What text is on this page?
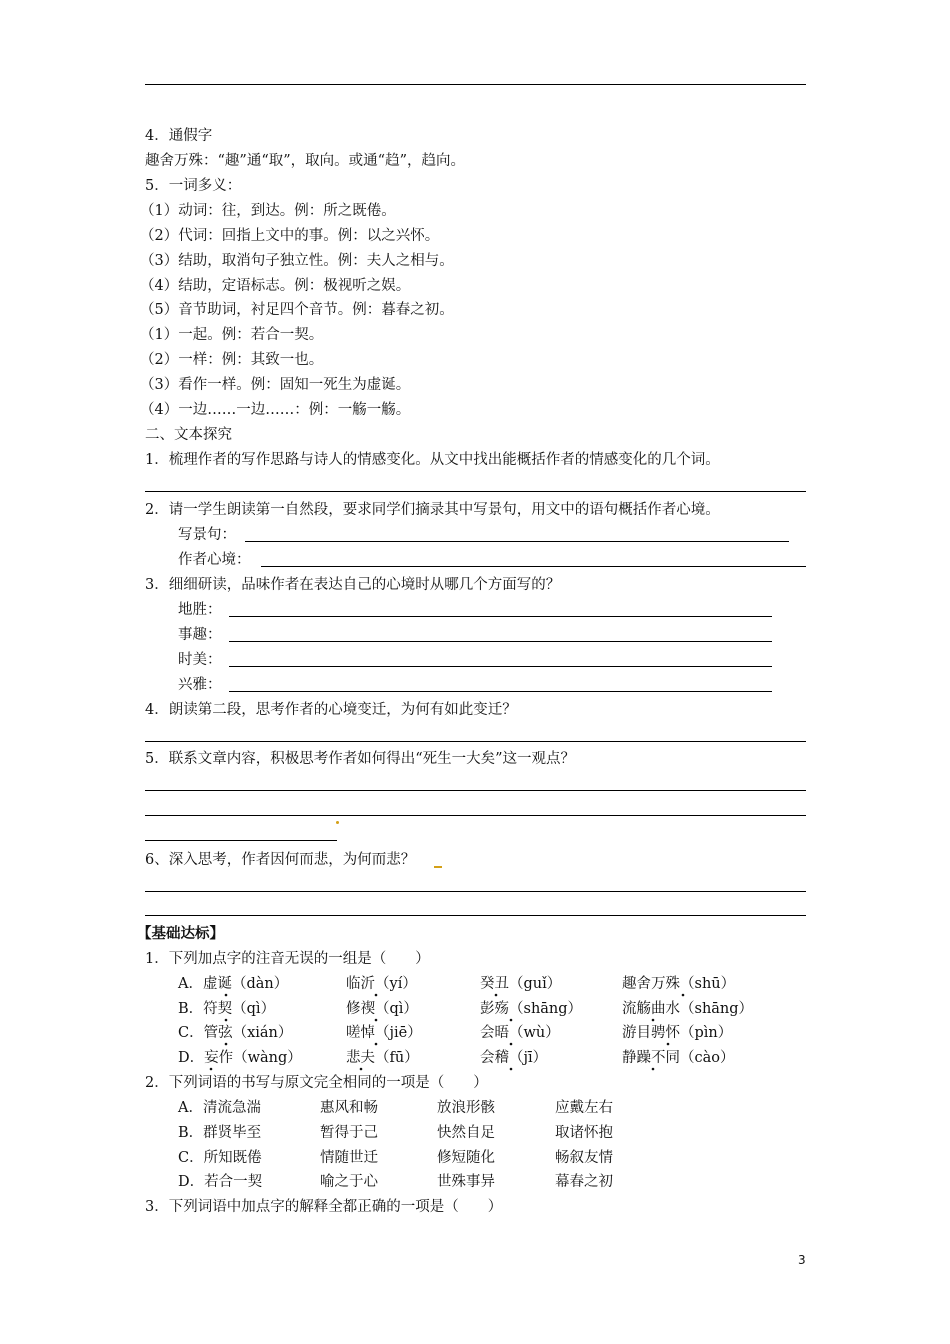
4．通假字
趣舍万殊：“趣”通“取”，取向。或通“趋”，趋向。
5．一词多义：
（1）动词：往，到达。例：所之既倦。
（2）代词：回指上文中的事。例：以之兴怀。
（3）结助，取消句子独立性。例：夫人之相与。
（4）结助，定语标志。例：极视听之娱。
（5）音节助词，衬足四个音节。例：暮春之初。
（1）一起。例：若合一契。
（2）一样：例：其致一也。
（3）看作一样。例：固知一死生为虚诞。
（4）一边……一边……：例：一觞一觞。
二、文本探究
1．梳理作者的写作思路与诗人的情感变化。从文中找出能概括作者的情感变化的几个词。
2．请一学生朗读第一自然段，要求同学们摘录其中写景句，用文中的语句概括作者心境。
写景句：
作者心境：
3．细细研读，品味作者在表达自己的心境时从哪几个方面写的？
地胜：
事趣：
时美：
兴雅：
4．朗读第二段，思考作者的心境变迁，为何有如此变迁？
5．联系文章内容，积极思考作者如何得出“死生一大矣”这一观点？
6、深入思考，作者因何而悲，为何而悲？
【基础达标】
1．下列加点字的注音无误的一组是（　　）
A．虚诞（dàn）	临沂（yí）	癸丑（guǐ）	趣舍万殊（shū）
B．符契（qì）	修禊（qì）	彭殇（shāng）	流觞曲水（shāng）
C．管弦（xián）	嗟悼（jiē）	会晤（wù）	游目骋怀（pìn）
D．妄作（wàng）	悲夫（fū）	会稽（jī）	静躁不同（cào）
2．下列词语的书写与原文完全相同的一项是（　　）
A．清流急湍	惠风和畅	放浪形骸	应戴左右
B．群贤毕至	暂得于己	快然自足	取诸怀抱
C．所知既倦	情随世迁	修短随化	畅叙友情
D．若合一契	喻之于心	世殊事异	幕春之初
3．下列词语中加点字的解释全都正确的一项是（　　）
3
